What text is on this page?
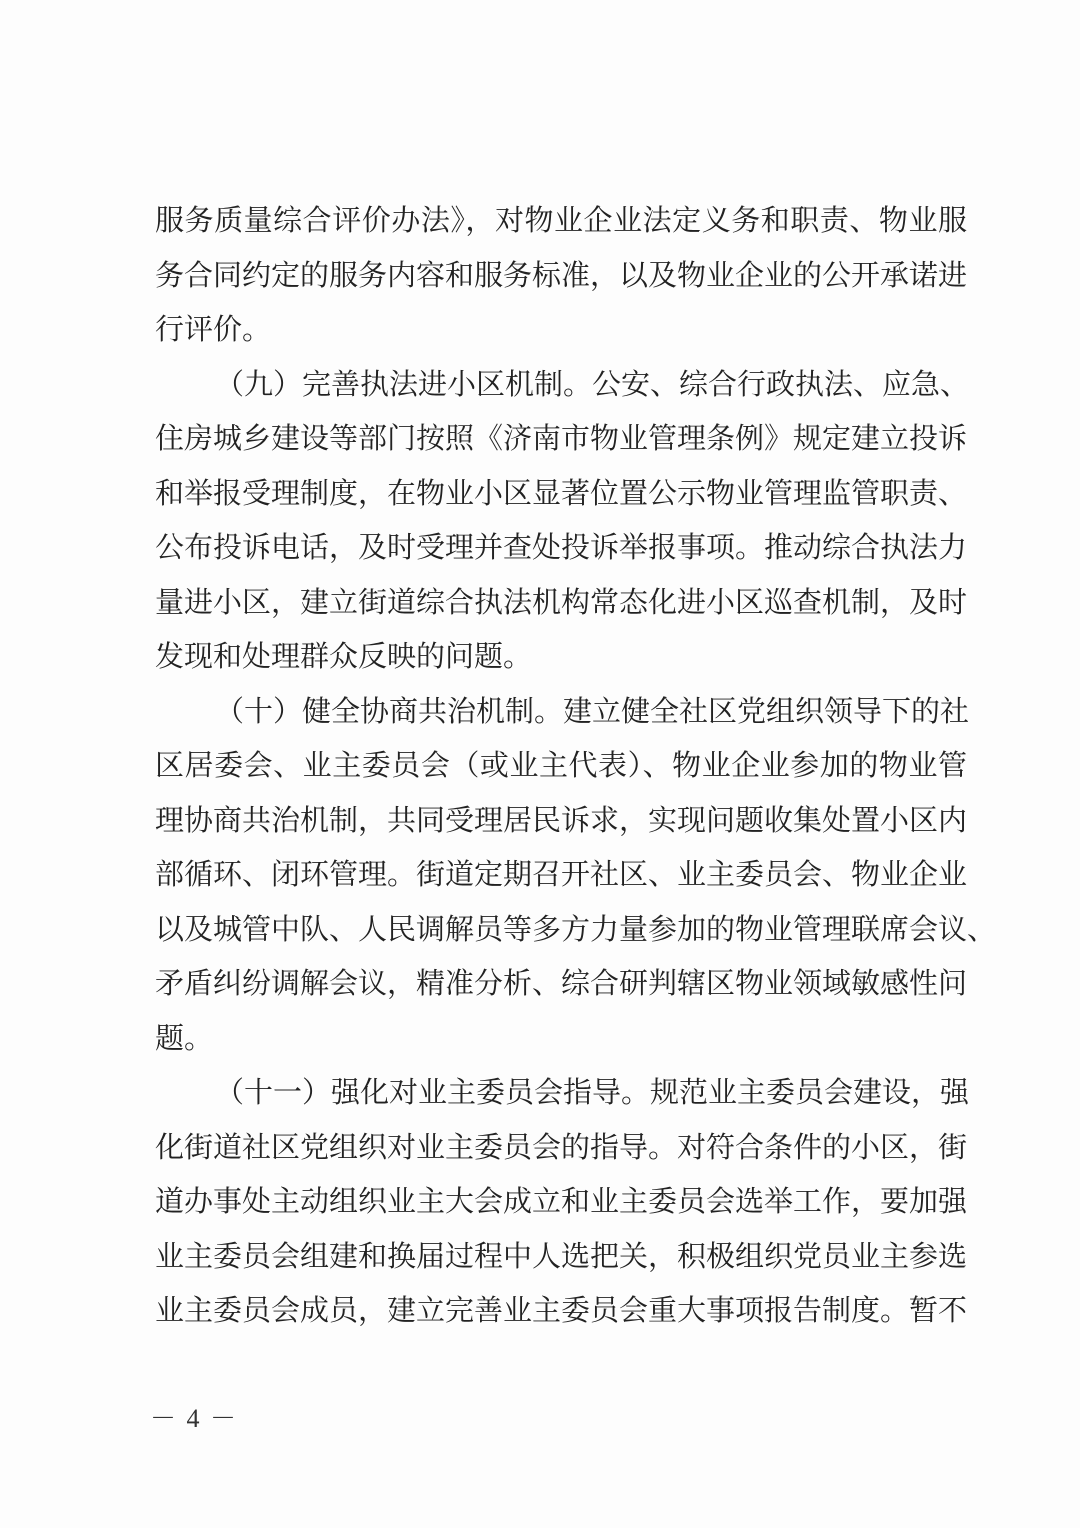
服务质量综合评价办法》，对物业企业法定义务和职责、物业服
务合同约定的服务内容和服务标准，以及物业企业的公开承诺进
行评价。
（九）完善执法进小区机制。公安、综合行政执法、应急、
住房城乡建设等部门按照《济南市物业管理条例》规定建立投诉
和举报受理制度，在物业小区显著位置公示物业管理监管职责、
公布投诉电话，及时受理并查处投诉举报事项。推动综合执法力
量进小区，建立街道综合执法机构常态化进小区巡查机制，及时
发现和处理群众反映的问题。
（十）健全协商共治机制。建立健全社区党组织领导下的社
区居委会、业主委员会（或业主代表）、物业企业参加的物业管
理协商共治机制，共同受理居民诉求，实现问题收集处置小区内
部循环、闭环管理。街道定期召开社区、业主委员会、物业企业
以及城管中队、人民调解员等多方力量参加的物业管理联席会议、
矛盾纠纷调解会议，精准分析、综合研判辖区物业领域敏感性问
题。
（十一）强化对业主委员会指导。规范业主委员会建设，强
化街道社区党组织对业主委员会的指导。对符合条件的小区，街
道办事处主动组织业主大会成立和业主委员会选举工作，要加强
业主委员会组建和换届过程中人选把关，积极组织党员业主参选
业主委员会成员，建立完善业主委员会重大事项报告制度。暂不
－ 4 －
